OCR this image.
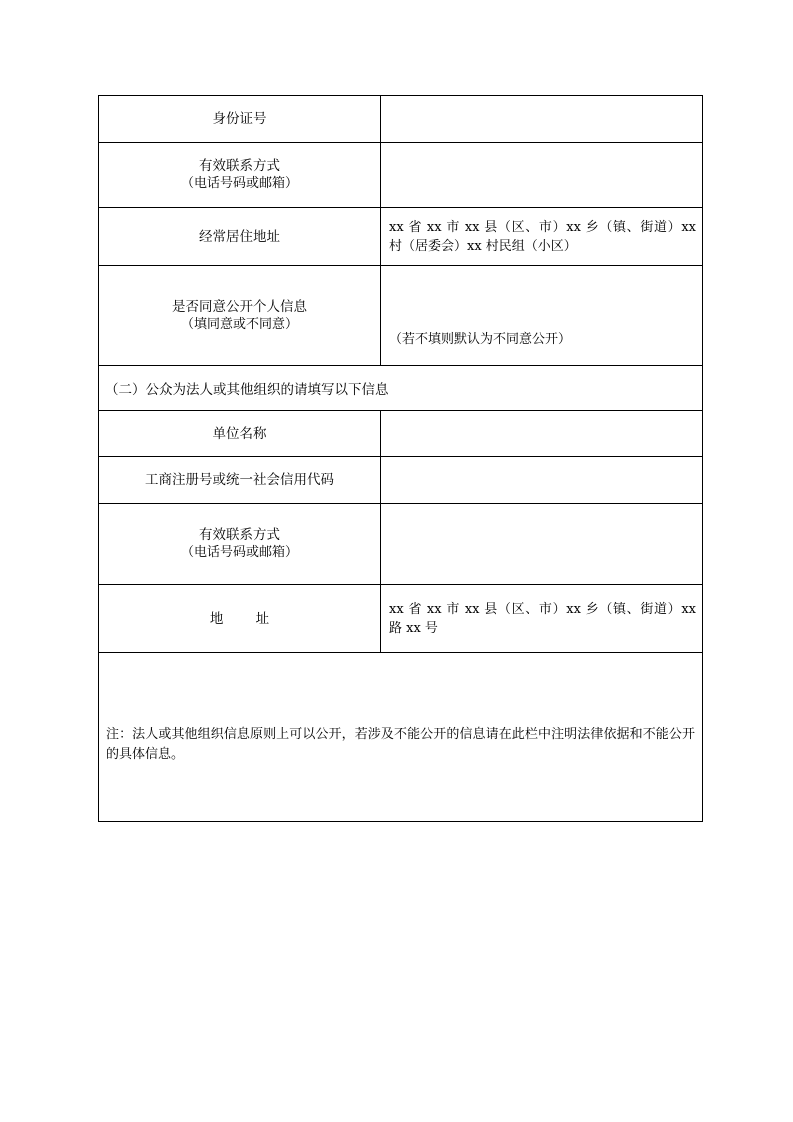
身份证号
有效联系方式
（电话号码或邮箱）
经常居住地址
xx 省 xx 市 xx 县（区、市）xx 乡（镇、街道）xx 村（居委会）xx 村民组（小区）
是否同意公开个人信息
（填同意或不同意）
（若不填则默认为不同意公开）
（二）公众为法人或其他组织的请填写以下信息
单位名称
工商注册号或统一社会信用代码
有效联系方式
（电话号码或邮箱）
地 址
xx 省 xx 市 xx 县（区、市）xx 乡（镇、街道）xx 路 xx 号
注：法人或其他组织信息原则上可以公开，若涉及不能公开的信息请在此栏中注明法律依据和不能公开的具体信息。
